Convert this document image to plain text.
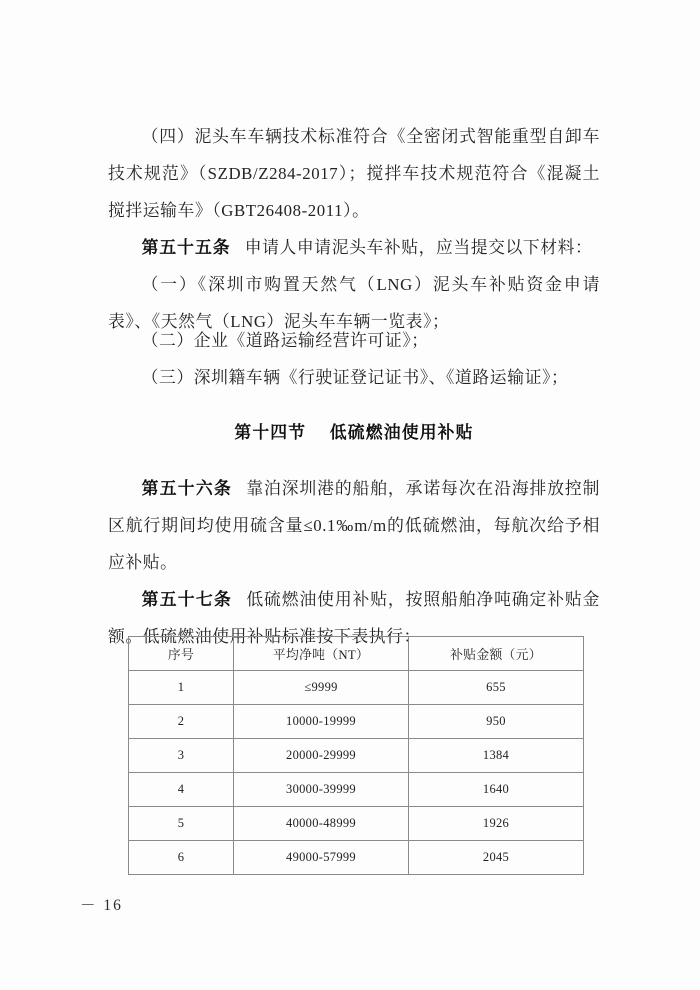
（四）泥头车车辆技术标准符合《全密闭式智能重型自卸车技术规范》（SZDB/Z284-2017）；搅拌车技术规范符合《混凝土搅拌运输车》（GBT26408-2011）。

第五十五条 申请人申请泥头车补贴，应当提交以下材料：

（一）《深圳市购置天然气（LNG）泥头车补贴资金申请表》、《天然气（LNG）泥头车车辆一览表》；

（二）企业《道路运输经营许可证》；

（三）深圳籍车辆《行驶证登记证书》、《道路运输证》；

第十四节 低硫燃油使用补贴

第五十六条 靠泊深圳港的船舶，承诺每次在沿海排放控制区航行期间均使用硫含量≤0.1‰m/m的低硫燃油，每航次给予相应补贴。

第五十七条 低硫燃油使用补贴，按照船舶净吨确定补贴金额。低硫燃油使用补贴标准按下表执行：

序号	平均净吨（NT）	补贴金额（元）
1	≤9999	655
2	10000-19999	950
3	20000-29999	1384
4	30000-39999	1640
5	40000-48999	1926
6	49000-57999	2045
－ 16
